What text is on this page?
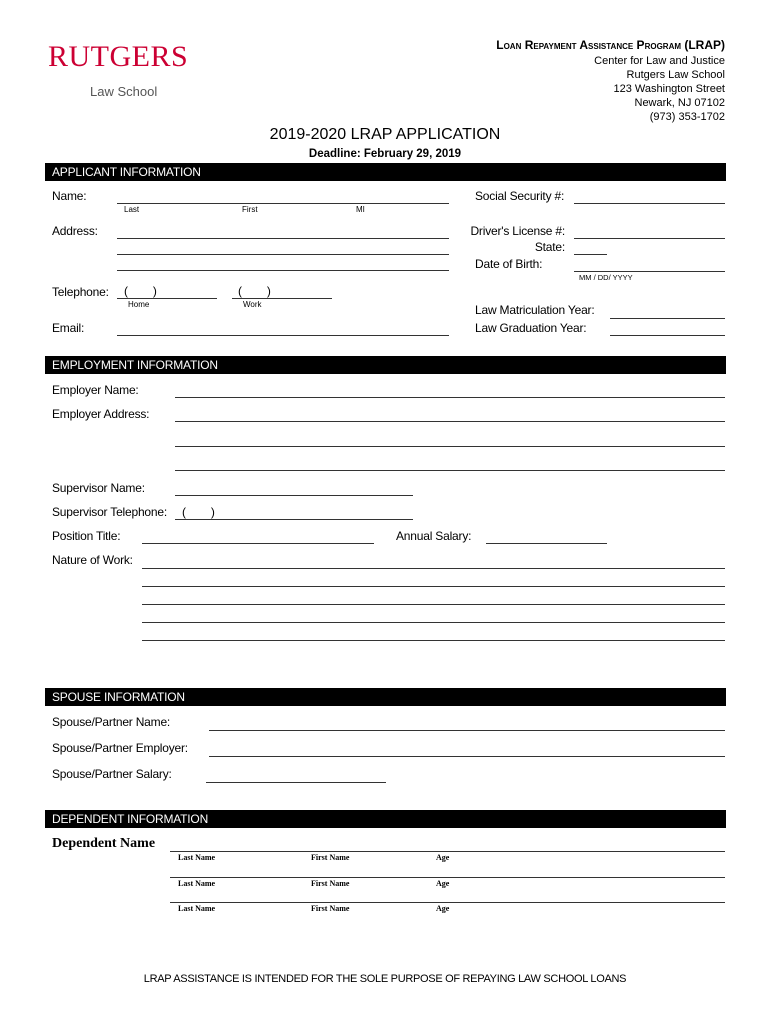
RUTGERS
Law School
Loan Repayment Assistance Program (LRAP)
Center for Law and Justice
Rutgers Law School
123 Washington Street
Newark, NJ 07102
(973) 353-1702
2019-2020 LRAP APPLICATION
Deadline: February 29, 2019
APPLICANT INFORMATION
Name:
Last	First	MI
Social Security #:
Address:	Driver's License #:
State:
Date of Birth:
MM / DD/ YYYY
Telephone: (        )
Home
(        )
Work	Law Matriculation Year:
Email:	Law Graduation Year:
EMPLOYMENT INFORMATION
Employer Name:
Employer Address:
Supervisor Name:
Supervisor Telephone: (        )
Position Title:	Annual Salary:
Nature of Work:
SPOUSE INFORMATION
Spouse/Partner Name:
Spouse/Partner Employer:
Spouse/Partner Salary:
DEPENDENT INFORMATION
Dependent Name
Last Name	First Name	Age
Last Name	First Name	Age
Last Name	First Name	Age
LRAP ASSISTANCE IS INTENDED FOR THE SOLE PURPOSE OF REPAYING LAW SCHOOL LOANS
